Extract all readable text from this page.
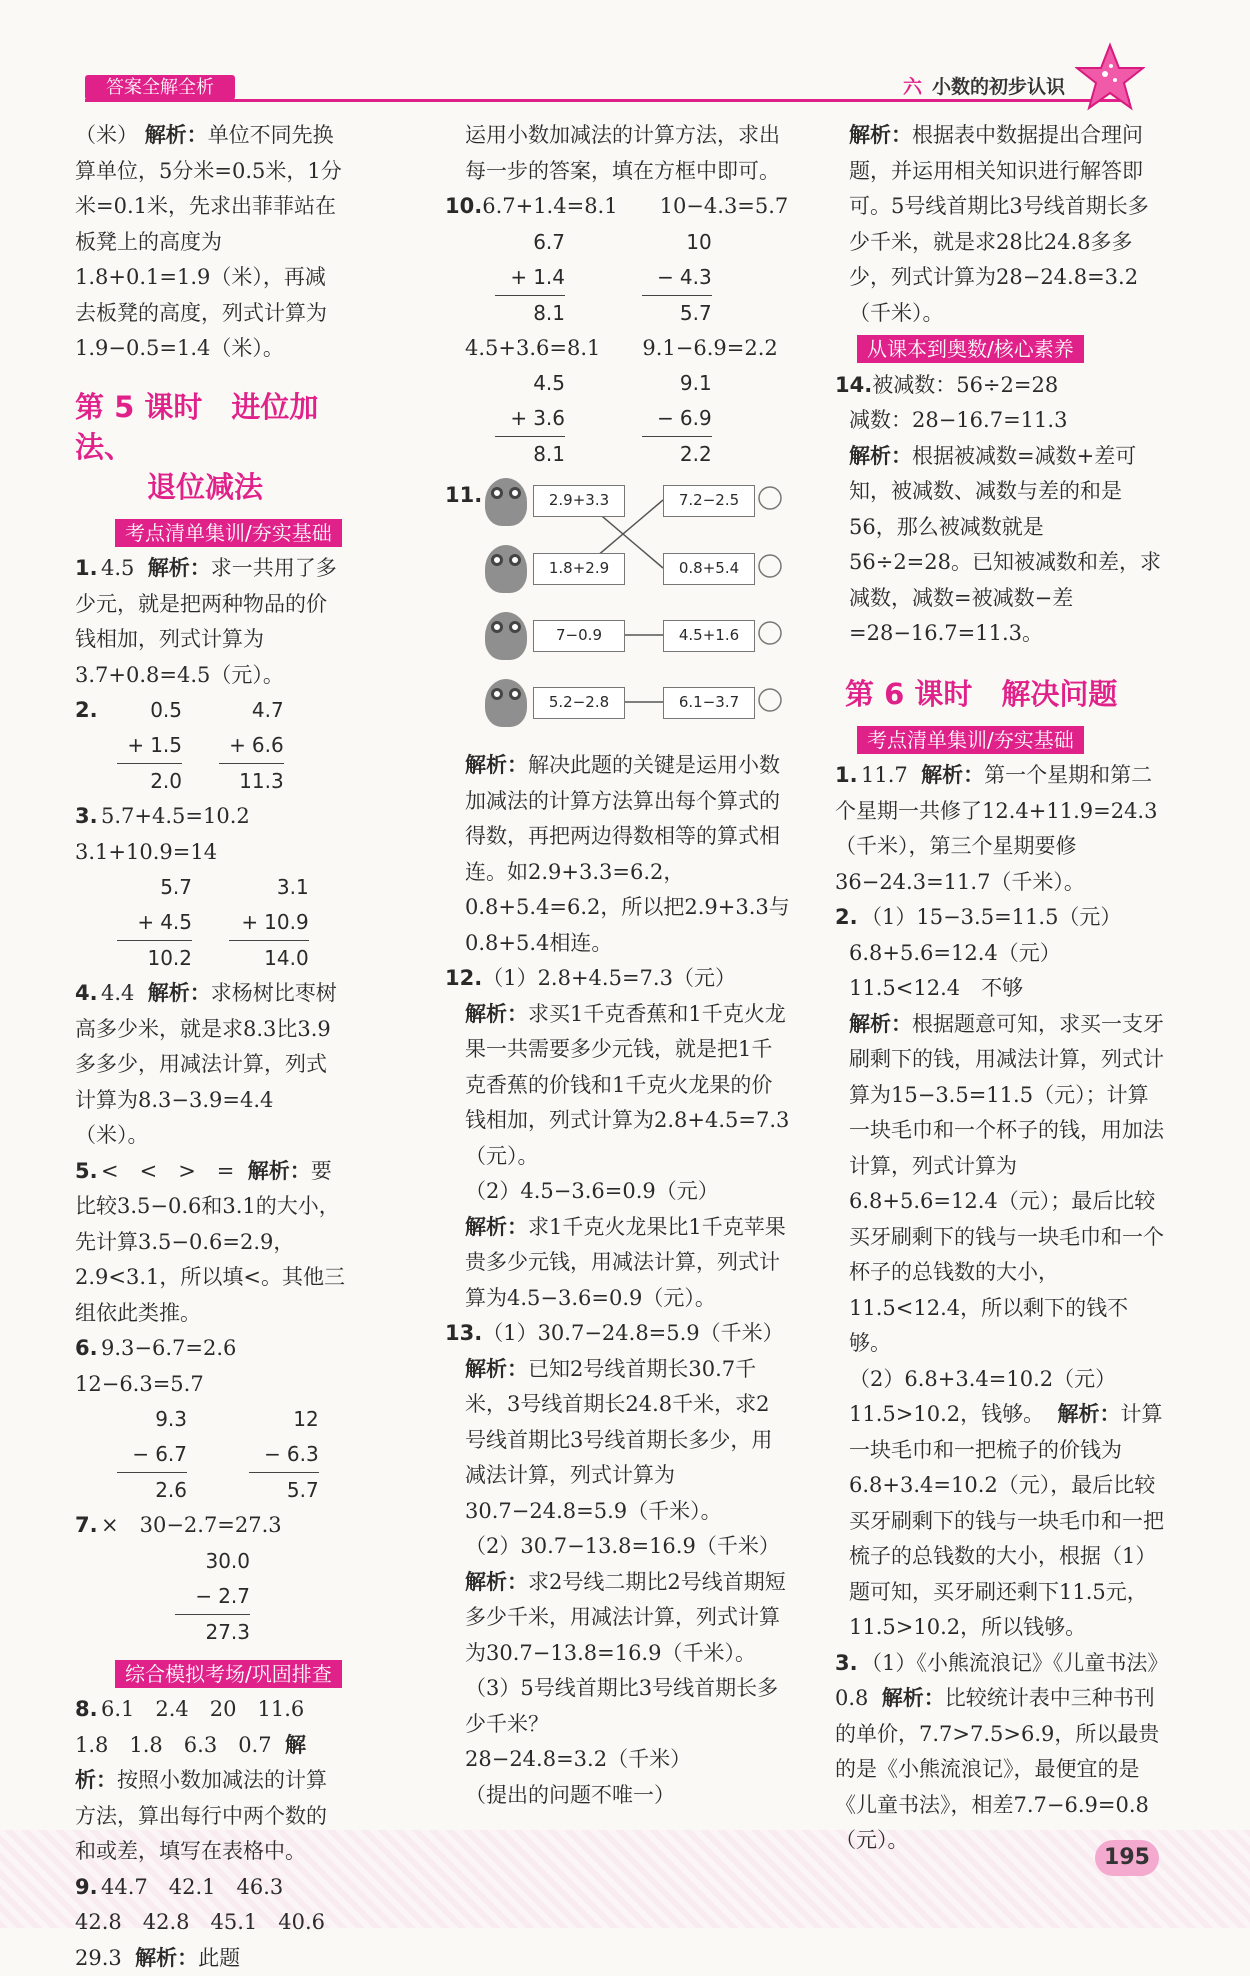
答案全解全析	六 小数的初步认识

（米） 解析：单位不同先换算单位，5分米=0.5米，1分米=0.1米，先求出菲菲站在板凳上的高度为1.8+0.1=1.9（米），再减去板凳的高度，列式计算为1.9−0.5=1.4（米）。

第 5 课时　进位加法、
退位减法
考点清单集训/夯实基础

1. 4.5 解析：求一共用了多少元，就是把两种物品的价钱相加，列式计算为3.7+0.8=4.5（元）。

2.	0.5
+ 1.5
2.0

4.7
+ 6.6
11.3

3. 5.7+4.5=10.2　3.1+10.9=14

5.7
+ 4.5
10.2

3.1
+ 10.9
14.0

4. 4.4 解析：求杨树比枣树高多少米，就是求8.3比3.9多多少，用减法计算，列式计算为8.3−3.9=4.4（米）。

5. <　<　>　= 解析：要比较3.5−0.6和3.1的大小，先计算3.5−0.6=2.9，2.9<3.1，所以填<。其他三组依此类推。

6. 9.3−6.7=2.6　　12−6.3=5.7

9.3
− 6.7
2.6

12
− 6.3
5.7

7. ×　30−2.7=27.3

30.0
− 2.7
27.3
综合模拟考场/巩固排查

8. 6.1　2.4　20　11.6　1.8　1.8　6.3　0.7 解析：按照小数加减法的计算方法，算出每行中两个数的和或差，填写在表格中。

9. 44.7　42.1　46.3　42.8　42.8　45.1　40.6　29.3 解析：此题

运用小数加减法的计算方法，求出每一步的答案，填在方框中即可。

10.6.7+1.4=8.1　　10−4.3=5.7

6.7
+ 1.4
8.1

10
− 4.3
5.7

4.5+3.6=8.1　　9.1−6.9=2.2

4.5
+ 3.6
8.1

9.1
− 6.9
2.2
11.	2.9+3.3
1.8+2.9
7−0.9
5.2−2.8
7.2−2.5
0.8+5.4
4.5+1.6
6.1−3.7

解析：解决此题的关键是运用小数加减法的计算方法算出每个算式的得数，再把两边得数相等的算式相连。如2.9+3.3=6.2，0.8+5.4=6.2，所以把2.9+3.3与0.8+5.4相连。

12.（1）2.8+4.5=7.3（元）

解析：求买1千克香蕉和1千克火龙果一共需要多少元钱，就是把1千克香蕉的价钱和1千克火龙果的价钱相加，列式计算为2.8+4.5=7.3（元）。

（2）4.5−3.6=0.9（元）

解析：求1千克火龙果比1千克苹果贵多少元钱，用减法计算，列式计算为4.5−3.6=0.9（元）。

13.（1）30.7−24.8=5.9（千米）

解析：已知2号线首期长30.7千米，3号线首期长24.8千米，求2号线首期比3号线首期长多少，用减法计算，列式计算为30.7−24.8=5.9（千米）。

（2）30.7−13.8=16.9（千米）

解析：求2号线二期比2号线首期短多少千米，用减法计算，列式计算为30.7−13.8=16.9（千米）。

（3）5号线首期比3号线首期长多少千米？

28−24.8=3.2（千米）

（提出的问题不唯一）

解析：根据表中数据提出合理问题，并运用相关知识进行解答即可。5号线首期比3号线首期长多少千米，就是求28比24.8多多少，列式计算为28−24.8=3.2（千米）。

从课本到奥数/核心素养

14.被减数：56÷2=28

减数：28−16.7=11.3

解析：根据被减数=减数+差可知，被减数、减数与差的和是56，那么被减数就是56÷2=28。已知被减数和差，求减数，减数=被减数−差=28−16.7=11.3。

第 6 课时　解决问题
考点清单集训/夯实基础

1. 11.7 解析：第一个星期和第二个星期一共修了12.4+11.9=24.3（千米），第三个星期要修36−24.3=11.7（千米）。

2. （1）15−3.5=11.5（元）

6.8+5.6=12.4（元）

11.5<12.4　不够

解析：根据题意可知，求买一支牙刷剩下的钱，用减法计算，列式计算为15−3.5=11.5（元）；计算一块毛巾和一个杯子的钱，用加法计算，列式计算为6.8+5.6=12.4（元）；最后比较买牙刷剩下的钱与一块毛巾和一个杯子的总钱数的大小，11.5<12.4，所以剩下的钱不够。

（2）6.8+3.4=10.2（元）

11.5>10.2，钱够。 解析：计算一块毛巾和一把梳子的价钱为6.8+3.4=10.2（元），最后比较买牙刷剩下的钱与一块毛巾和一把梳子的总钱数的大小，根据（1）题可知，买牙刷还剩下11.5元，11.5>10.2，所以钱够。

3. （1）《小熊流浪记》《儿童书法》　0.8 解析：比较统计表中三种书刊的单价，7.7>7.5>6.9，所以最贵的是《小熊流浪记》，最便宜的是《儿童书法》，相差7.7−6.9=0.8（元）。

195
